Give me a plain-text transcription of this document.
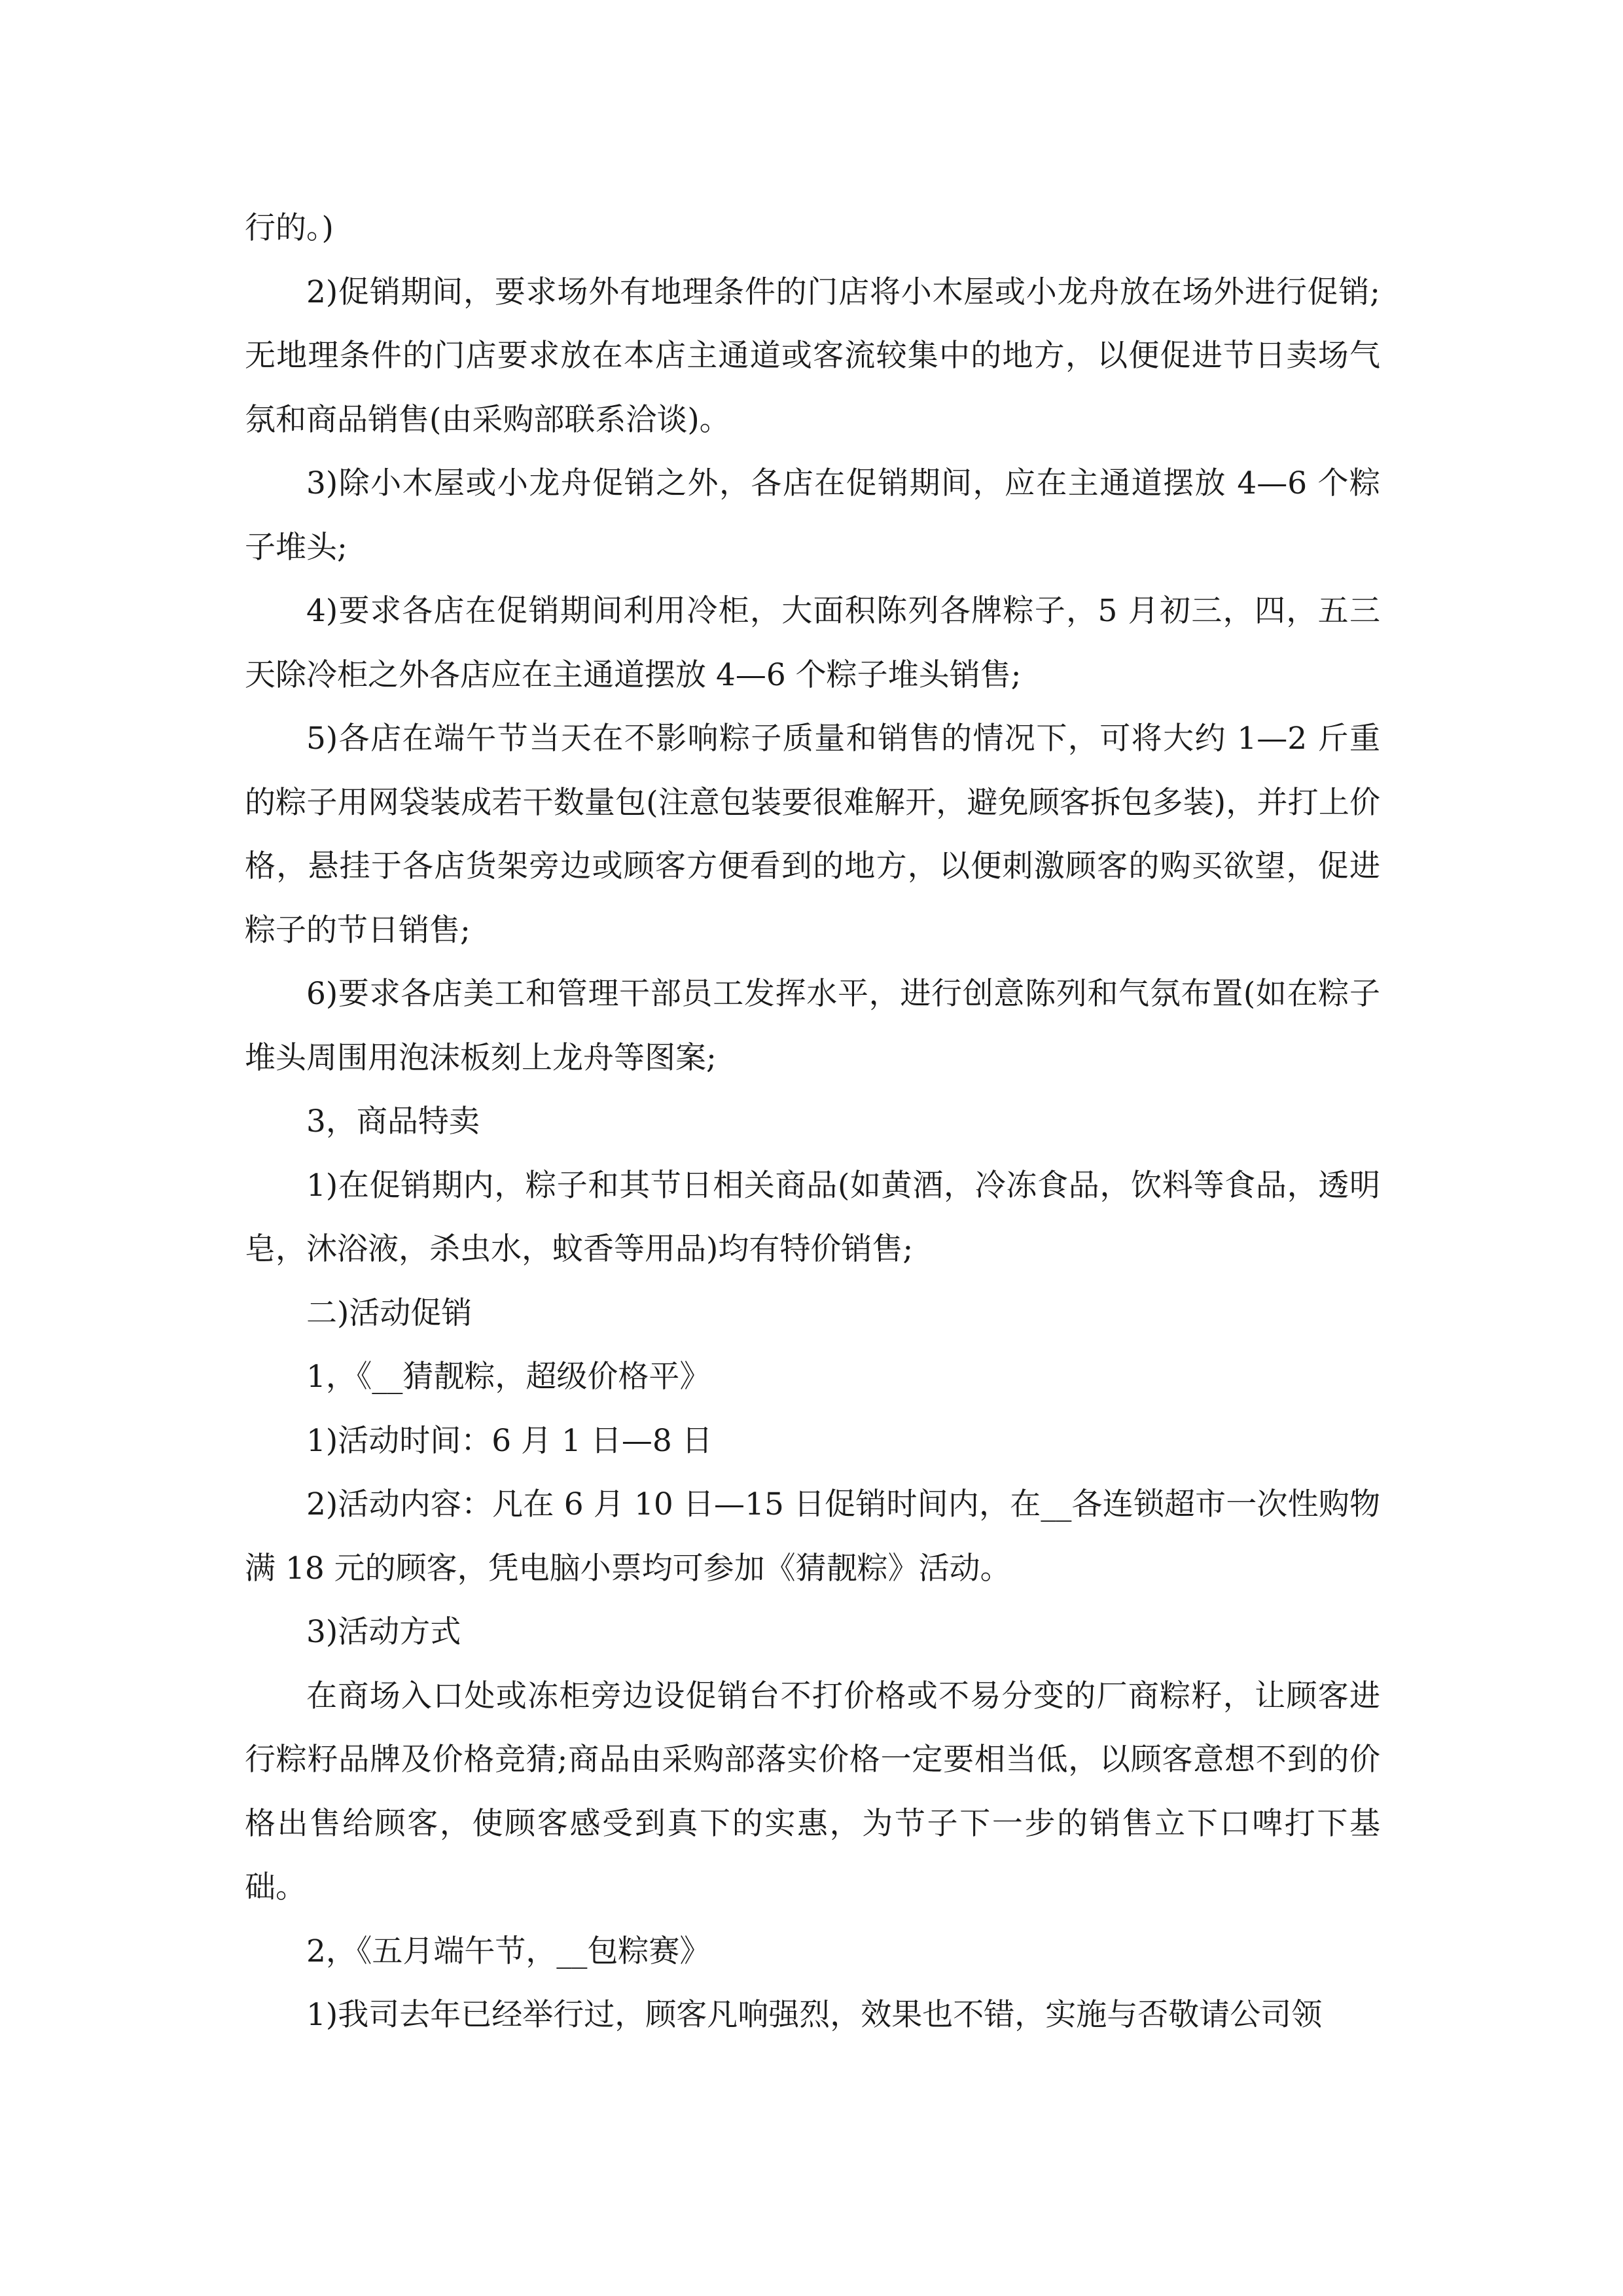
行的。)

2)促销期间，要求场外有地理条件的门店将小木屋或小龙舟放在场外进行促销;无地理条件的门店要求放在本店主通道或客流较集中的地方，以便促进节日卖场气氛和商品销售(由采购部联系洽谈)。

3)除小木屋或小龙舟促销之外，各店在促销期间，应在主通道摆放 4—6 个粽子堆头;

4)要求各店在促销期间利用冷柜，大面积陈列各牌粽子，5 月初三，四，五三天除冷柜之外各店应在主通道摆放 4—6 个粽子堆头销售;

5)各店在端午节当天在不影响粽子质量和销售的情况下，可将大约 1—2 斤重的粽子用网袋装成若干数量包(注意包装要很难解开，避免顾客拆包多装)，并打上价格，悬挂于各店货架旁边或顾客方便看到的地方，以便刺激顾客的购买欲望，促进粽子的节日销售;

6)要求各店美工和管理干部员工发挥水平，进行创意陈列和气氛布置(如在粽子堆头周围用泡沫板刻上龙舟等图案;

3，商品特卖

1)在促销期内，粽子和其节日相关商品(如黄酒，冷冻食品，饮料等食品，透明皂，沐浴液，杀虫水，蚊香等用品)均有特价销售;

二)活动促销

1，《__猜靓粽，超级价格平》

1)活动时间：6 月 1 日—8 日

2)活动内容：凡在 6 月 10 日—15 日促销时间内，在__各连锁超市一次性购物满 18 元的顾客，凭电脑小票均可参加《猜靓粽》活动。

3)活动方式

在商场入口处或冻柜旁边设促销台不打价格或不易分变的厂商粽籽，让顾客进行粽籽品牌及价格竞猜;商品由采购部落实价格一定要相当低，以顾客意想不到的价格出售给顾客，使顾客感受到真下的实惠，为节子下一步的销售立下口啤打下基础。

2，《五月端午节，__包粽赛》

1)我司去年已经举行过，顾客凡响强烈，效果也不错，实施与否敬请公司领
